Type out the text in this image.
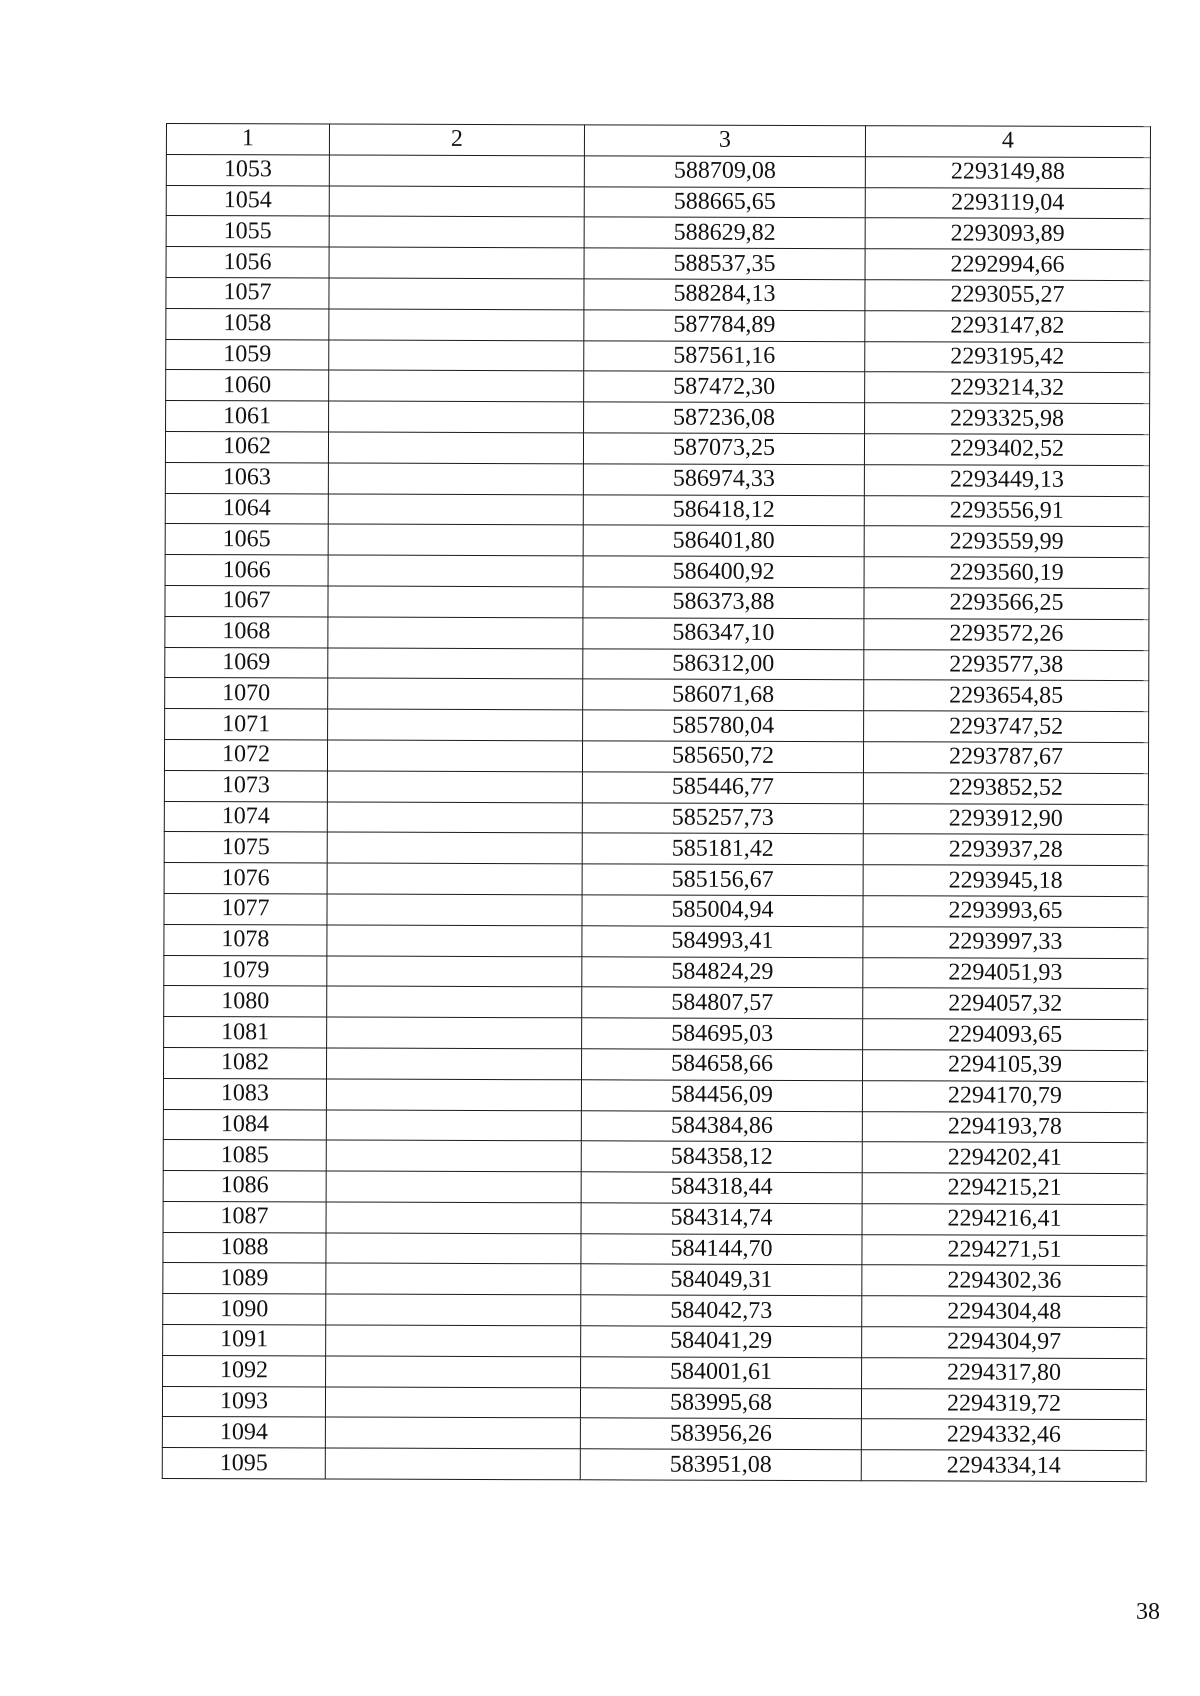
1	2	3	4
1053		588709,08	2293149,88
1054		588665,65	2293119,04
1055		588629,82	2293093,89
1056		588537,35	2292994,66
1057		588284,13	2293055,27
1058		587784,89	2293147,82
1059		587561,16	2293195,42
1060		587472,30	2293214,32
1061		587236,08	2293325,98
1062		587073,25	2293402,52
1063		586974,33	2293449,13
1064		586418,12	2293556,91
1065		586401,80	2293559,99
1066		586400,92	2293560,19
1067		586373,88	2293566,25
1068		586347,10	2293572,26
1069		586312,00	2293577,38
1070		586071,68	2293654,85
1071		585780,04	2293747,52
1072		585650,72	2293787,67
1073		585446,77	2293852,52
1074		585257,73	2293912,90
1075		585181,42	2293937,28
1076		585156,67	2293945,18
1077		585004,94	2293993,65
1078		584993,41	2293997,33
1079		584824,29	2294051,93
1080		584807,57	2294057,32
1081		584695,03	2294093,65
1082		584658,66	2294105,39
1083		584456,09	2294170,79
1084		584384,86	2294193,78
1085		584358,12	2294202,41
1086		584318,44	2294215,21
1087		584314,74	2294216,41
1088		584144,70	2294271,51
1089		584049,31	2294302,36
1090		584042,73	2294304,48
1091		584041,29	2294304,97
1092		584001,61	2294317,80
1093		583995,68	2294319,72
1094		583956,26	2294332,46
1095		583951,08	2294334,14
38
